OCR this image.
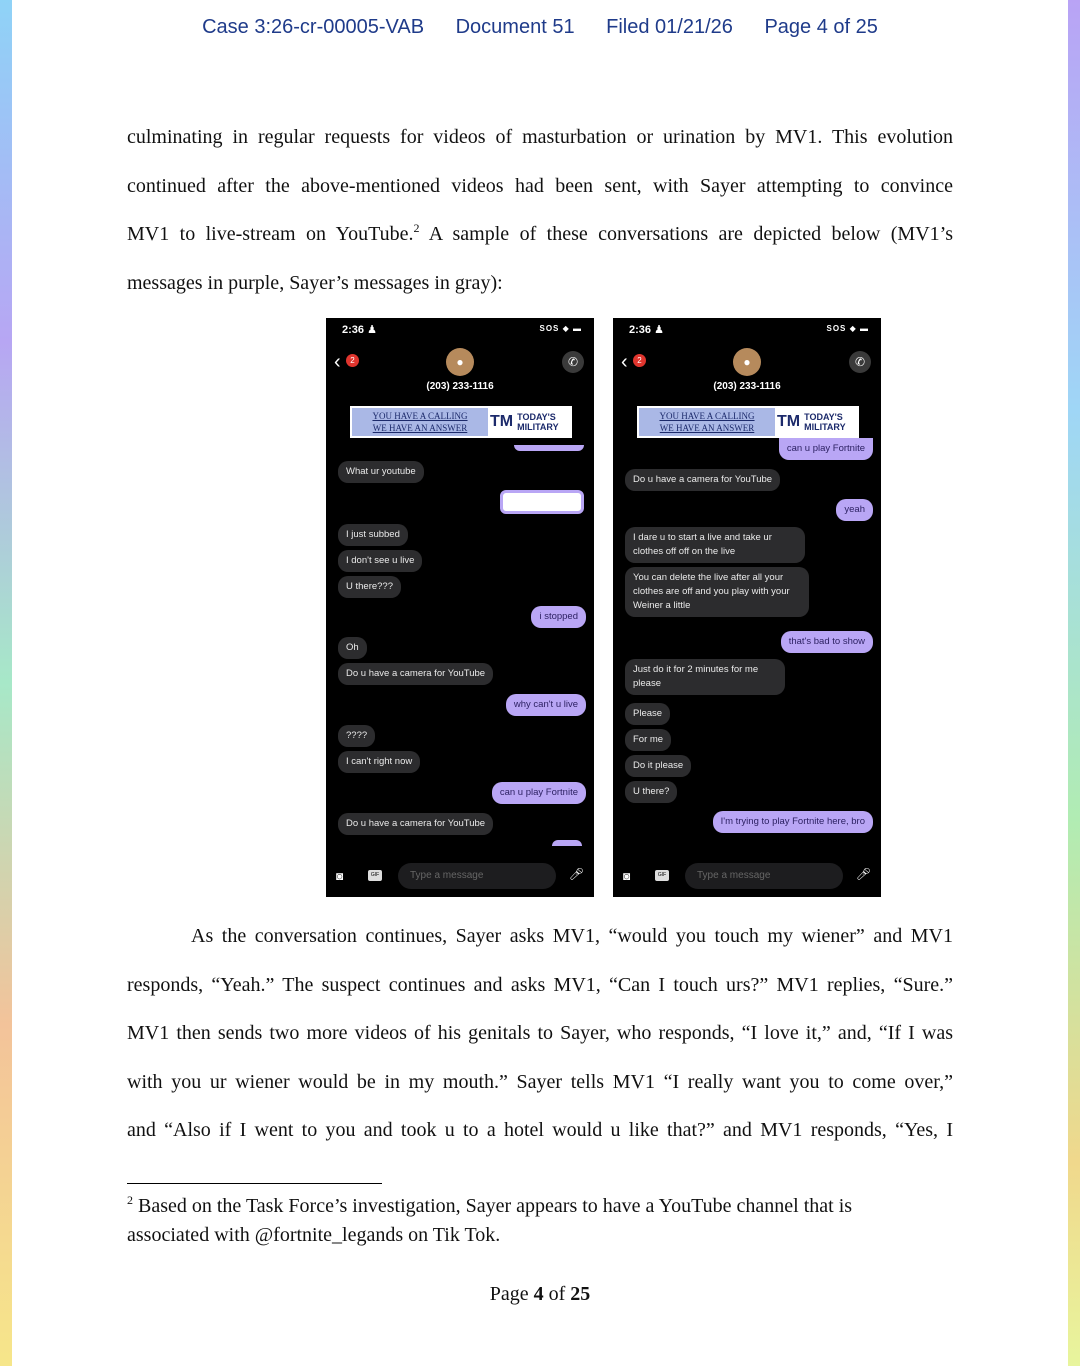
Case 3:26-cr-00005-VAB Document 51 Filed 01/21/26 Page 4 of 25
culminating in regular requests for videos of masturbation or urination by MV1. This evolution
continued after the above-mentioned videos had been sent, with Sayer attempting to convince
MV1 to live-stream on YouTube.$^2$ A sample of these conversations are depicted below (MV1’s
messages in purple, Sayer’s messages in gray):
2:36 ♟	SOS ◆ ▬
‹	2	●	✆
(203) 233-1116
YOU HAVE A CALLING
WE HAVE AN ANSWER	TM TODAY'S MILITARY
What ur youtube
I just subbed
I don't see u live
U there???
i stopped
Oh
Do u have a camera for YouTube
why can't u live
????
I can't right now
can u play Fortnite
Do u have a camera for YouTube
◙	GIF	Type a message	🎤︎
2:36 ♟	SOS ◆ ▬
‹	2	●	✆
(203) 233-1116
YOU HAVE A CALLING
WE HAVE AN ANSWER	TM TODAY'S MILITARY
can u play Fortnite
Do u have a camera for YouTube
yeah
I dare u to start a live and take ur clothes off off on the live
You can delete the live after all your clothes are off and you play with your Weiner a little
that's bad to show
Just do it for 2 minutes for me please
Please
For me
Do it please
U there?
I'm trying to play Fortnite here, bro
◙	GIF	Type a message	🎤︎
As the conversation continues, Sayer asks MV1, “would you touch my wiener” and MV1
responds, “Yeah.” The suspect continues and asks MV1, “Can I touch urs?” MV1 replies, “Sure.”
MV1 then sends two more videos of his genitals to Sayer, who responds, “I love it,” and, “If I was
with you ur wiener would be in my mouth.” Sayer tells MV1 “I really want you to come over,”
and “Also if I went to you and took u to a hotel would u like that?” and MV1 responds, “Yes, I
$^2$ Based on the Task Force’s investigation, Sayer appears to have a YouTube channel that is
associated with @fortnite_legands on Tik Tok.
Page 4 of 25
